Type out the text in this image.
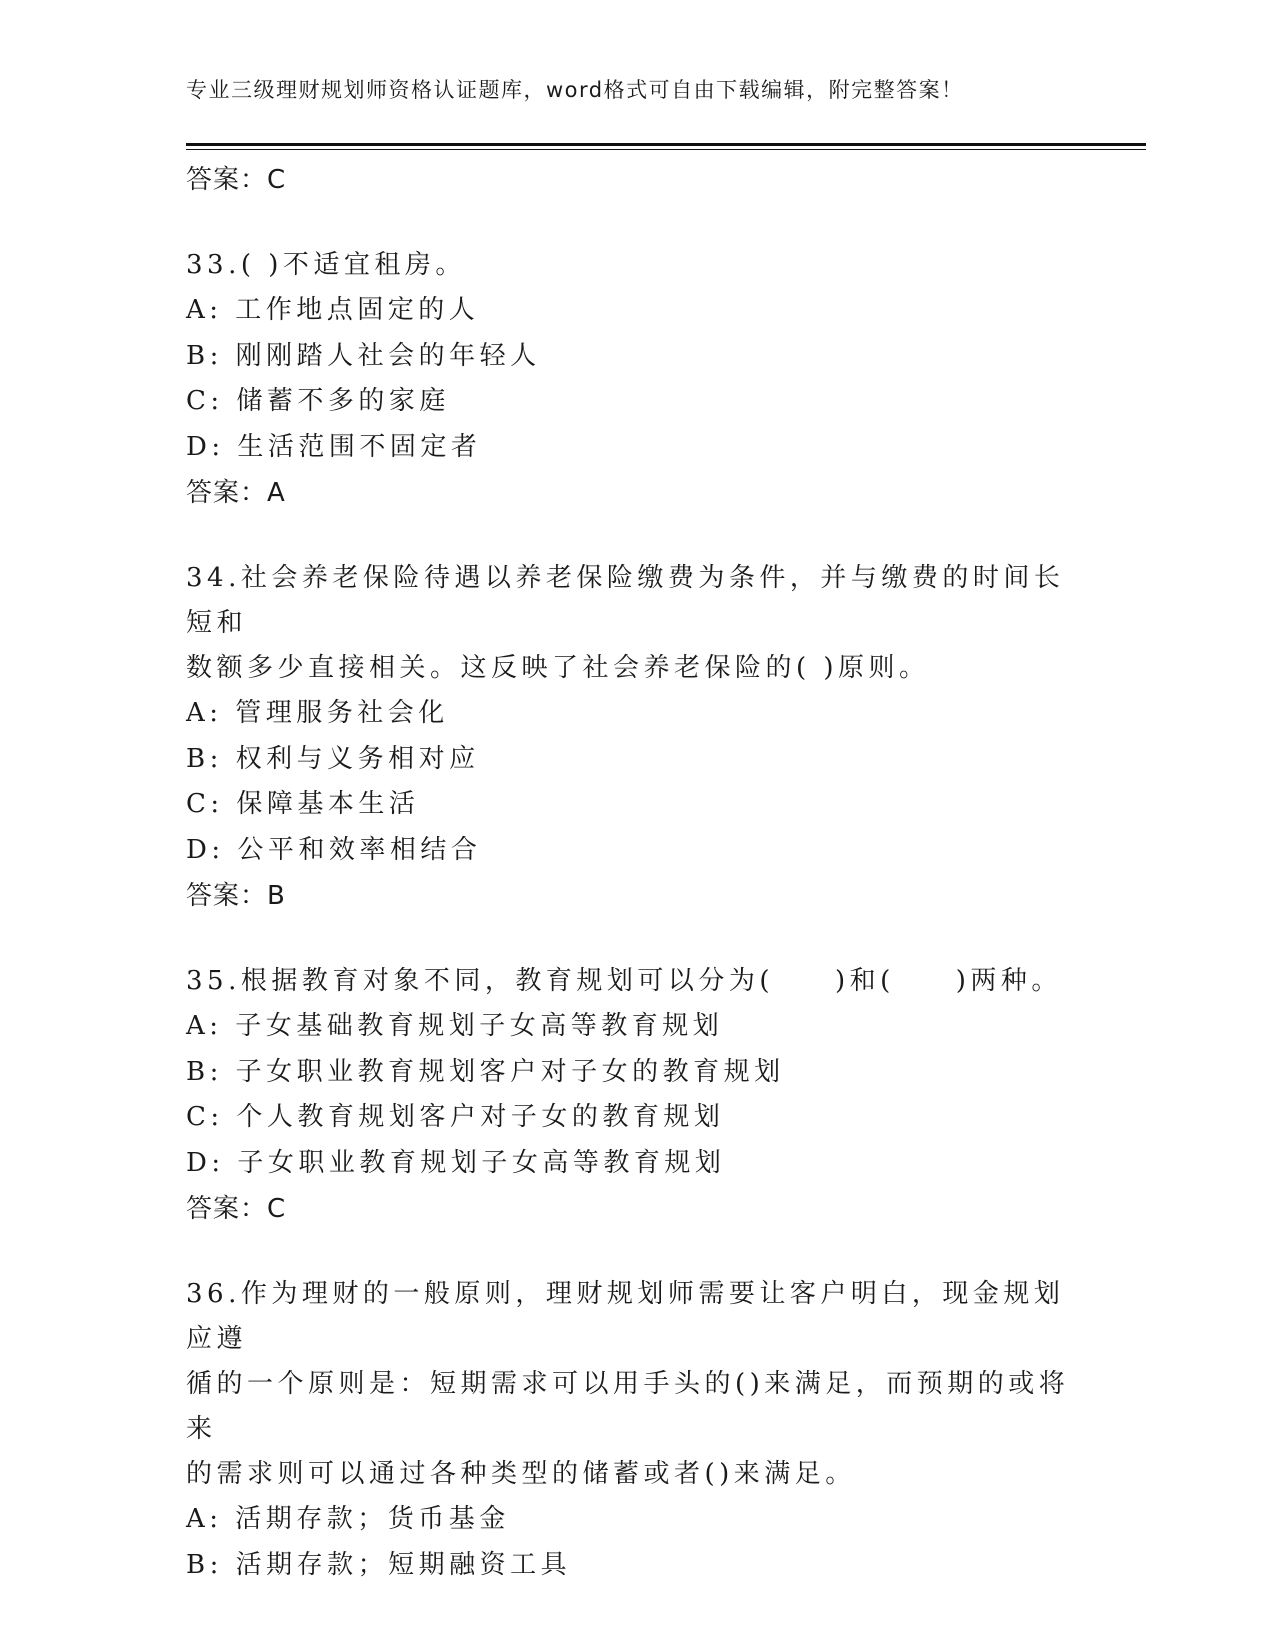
专业三级理财规划师资格认证题库，word格式可自由下载编辑，附完整答案！
答案：C

33.( )不适宜租房。

A: 工作地点固定的人
B: 刚刚踏人社会的年轻人
C: 储蓄不多的家庭
D: 生活范围不固定者
答案：A

34.社会养老保险待遇以养老保险缴费为条件，并与缴费的时间长短和
数额多少直接相关。这反映了社会养老保险的( )原则。

A: 管理服务社会化
B: 权利与义务相对应
C: 保障基本生活
D: 公平和效率相结合
答案：B

35.根据教育对象不同，教育规划可以分为(　　)和(　　)两种。

A: 子女基础教育规划子女高等教育规划
B: 子女职业教育规划客户对子女的教育规划
C: 个人教育规划客户对子女的教育规划
D: 子女职业教育规划子女高等教育规划
答案：C

36.作为理财的一般原则，理财规划师需要让客户明白，现金规划应遵
循的一个原则是：短期需求可以用手头的()来满足，而预期的或将来
的需求则可以通过各种类型的储蓄或者()来满足。

A: 活期存款；货币基金
B: 活期存款；短期融资工具
